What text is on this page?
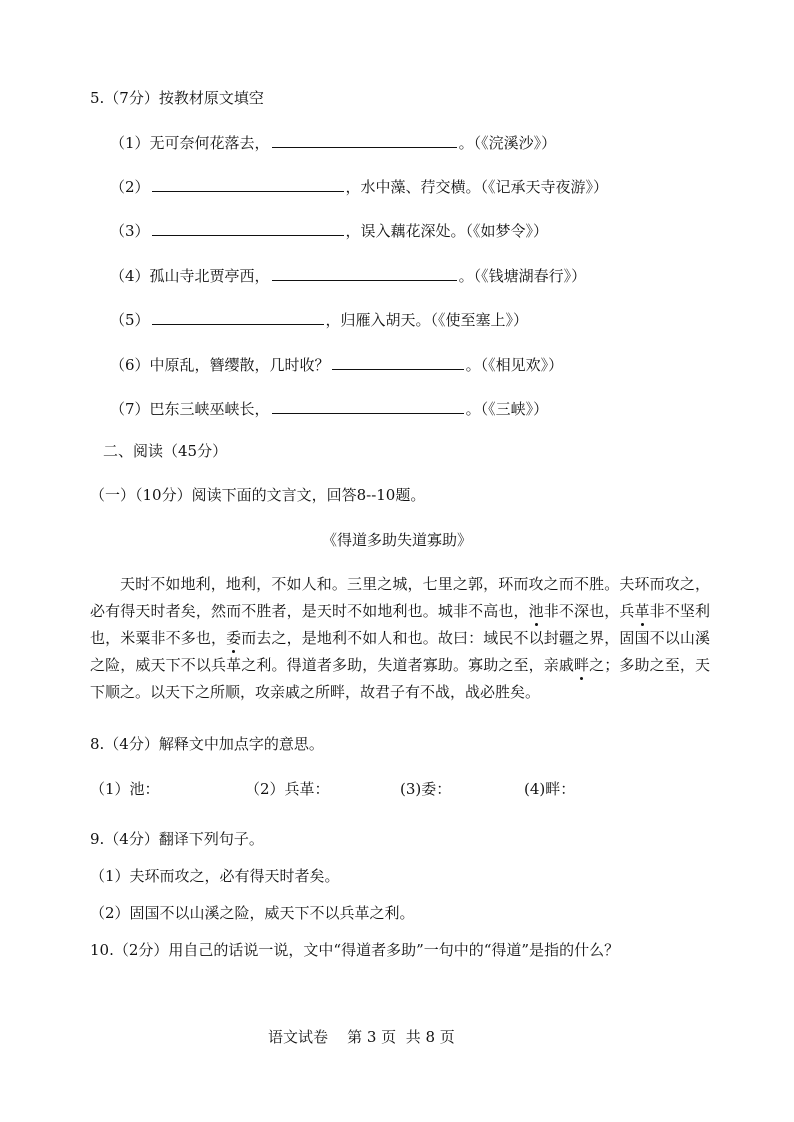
5.（7分）按教材原文填空
（1）无可奈何花落去，	。（《浣溪沙》）
（2）	，水中藻、荇交横。（《记承天寺夜游》）
（3）	，误入藕花深处。（《如梦令》）
（4）孤山寺北贾亭西，	。（《钱塘湖春行》）
（5）	，归雁入胡天。（《使至塞上》）
（6）中原乱，簪缨散，几时收？	。（《相见欢》）
（7）巴东三峡巫峡长，	。（《三峡》）
二、阅读（45分）
（一）（10分）阅读下面的文言文，回答8--10题。
《得道多助失道寡助》
天时不如地利，地利，不如人和。三里之城，七里之郭，环而攻之而不胜。夫环而攻之，必有得天时者矣，然而不胜者，是天时不如地利也。城非不高也，池非不深也，兵革非不坚利也，米粟非不多也，委而去之，是地利不如人和也。故曰：域民不以封疆之界，固国不以山溪之险，威天下不以兵革之利。得道者多助，失道者寡助。寡助之至，亲戚畔之；多助之至，天下顺之。以天下之所顺，攻亲戚之所畔，故君子有不战，战必胜矣。
8.（4分）解释文中加点字的意思。
（1）池：	（2）兵革：	(3)委：	(4)畔：
9.（4分）翻译下列句子。
（1）夫环而攻之，必有得天时者矣。
（2）固国不以山溪之险，威天下不以兵革之利。
10.（2分）用自己的话说一说，文中“得道者多助”一句中的“得道”是指的什么？
语文试卷    第 3 页  共 8 页
